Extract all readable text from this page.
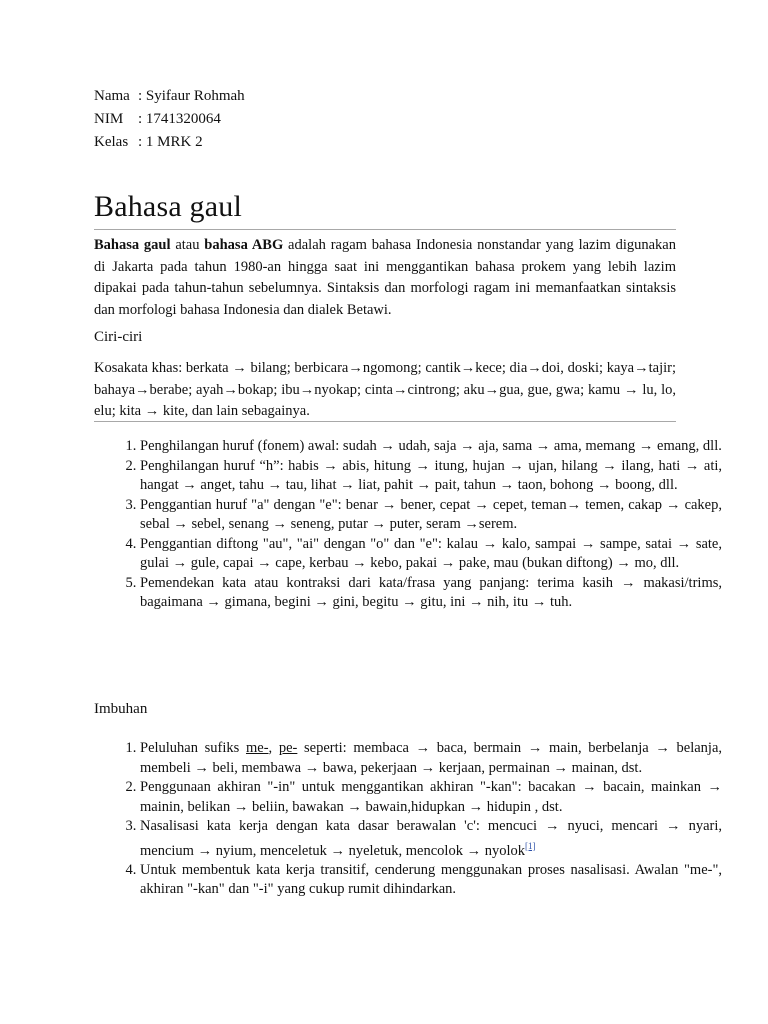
Nama : Syifaur Rohmah
NIM : 1741320064
Kelas : 1 MRK 2
Bahasa gaul

Bahasa gaul atau bahasa ABG adalah ragam bahasa Indonesia nonstandar yang lazim digunakan di Jakarta pada tahun 1980-an hingga saat ini menggantikan bahasa prokem yang lebih lazim dipakai pada tahun-tahun sebelumnya. Sintaksis dan morfologi ragam ini memanfaatkan sintaksis dan morfologi bahasa Indonesia dan dialek Betawi.

Ciri-ciri

Kosakata khas: berkata → bilang; berbicara→ngomong; cantik→kece; dia→doi, doski; kaya→tajir; bahaya→berabe; ayah→bokap; ibu→nyokap; cinta→cintrong; aku→gua, gue, gwa; kamu → lu, lo, elu; kita → kite, dan lain sebagainya.

1. Penghilangan huruf (fonem) awal: sudah → udah, saja → aja, sama → ama, memang → emang, dll.
2. Penghilangan huruf “h”: habis → abis, hitung → itung, hujan → ujan, hilang → ilang, hati → ati, hangat → anget, tahu → tau, lihat → liat, pahit → pait, tahun → taon, bohong → boong, dll.
3. Penggantian huruf "a" dengan "e": benar → bener, cepat → cepet, teman→ temen, cakap → cakep, sebal → sebel, senang → seneng, putar → puter, seram →serem.
4. Penggantian diftong "au", "ai" dengan "o" dan "e": kalau → kalo, sampai → sampe, satai → sate, gulai → gule, capai → cape, kerbau → kebo, pakai → pake, mau (bukan diftong) → mo, dll.
5. Pemendekan kata atau kontraksi dari kata/frasa yang panjang: terima kasih → makasi/trims, bagaimana → gimana, begini → gini, begitu → gitu, ini → nih, itu → tuh.

Imbuhan

1. Peluluhan sufiks me-, pe- seperti: membaca → baca, bermain → main, berbelanja → belanja, membeli → beli, membawa → bawa, pekerjaan → kerjaan, permainan → mainan, dst.
2. Penggunaan akhiran "-in" untuk menggantikan akhiran "-kan": bacakan → bacain, mainkan → mainin, belikan → beliin, bawakan → bawain,hidupkan → hidupin , dst.
3. Nasalisasi kata kerja dengan kata dasar berawalan 'c': mencuci → nyuci, mencari → nyari, mencium → nyium, menceletuk → nyeletuk, mencolok → nyolok[1]
4. Untuk membentuk kata kerja transitif, cenderung menggunakan proses nasalisasi. Awalan "me-", akhiran "-kan" dan "-i" yang cukup rumit dihindarkan.
